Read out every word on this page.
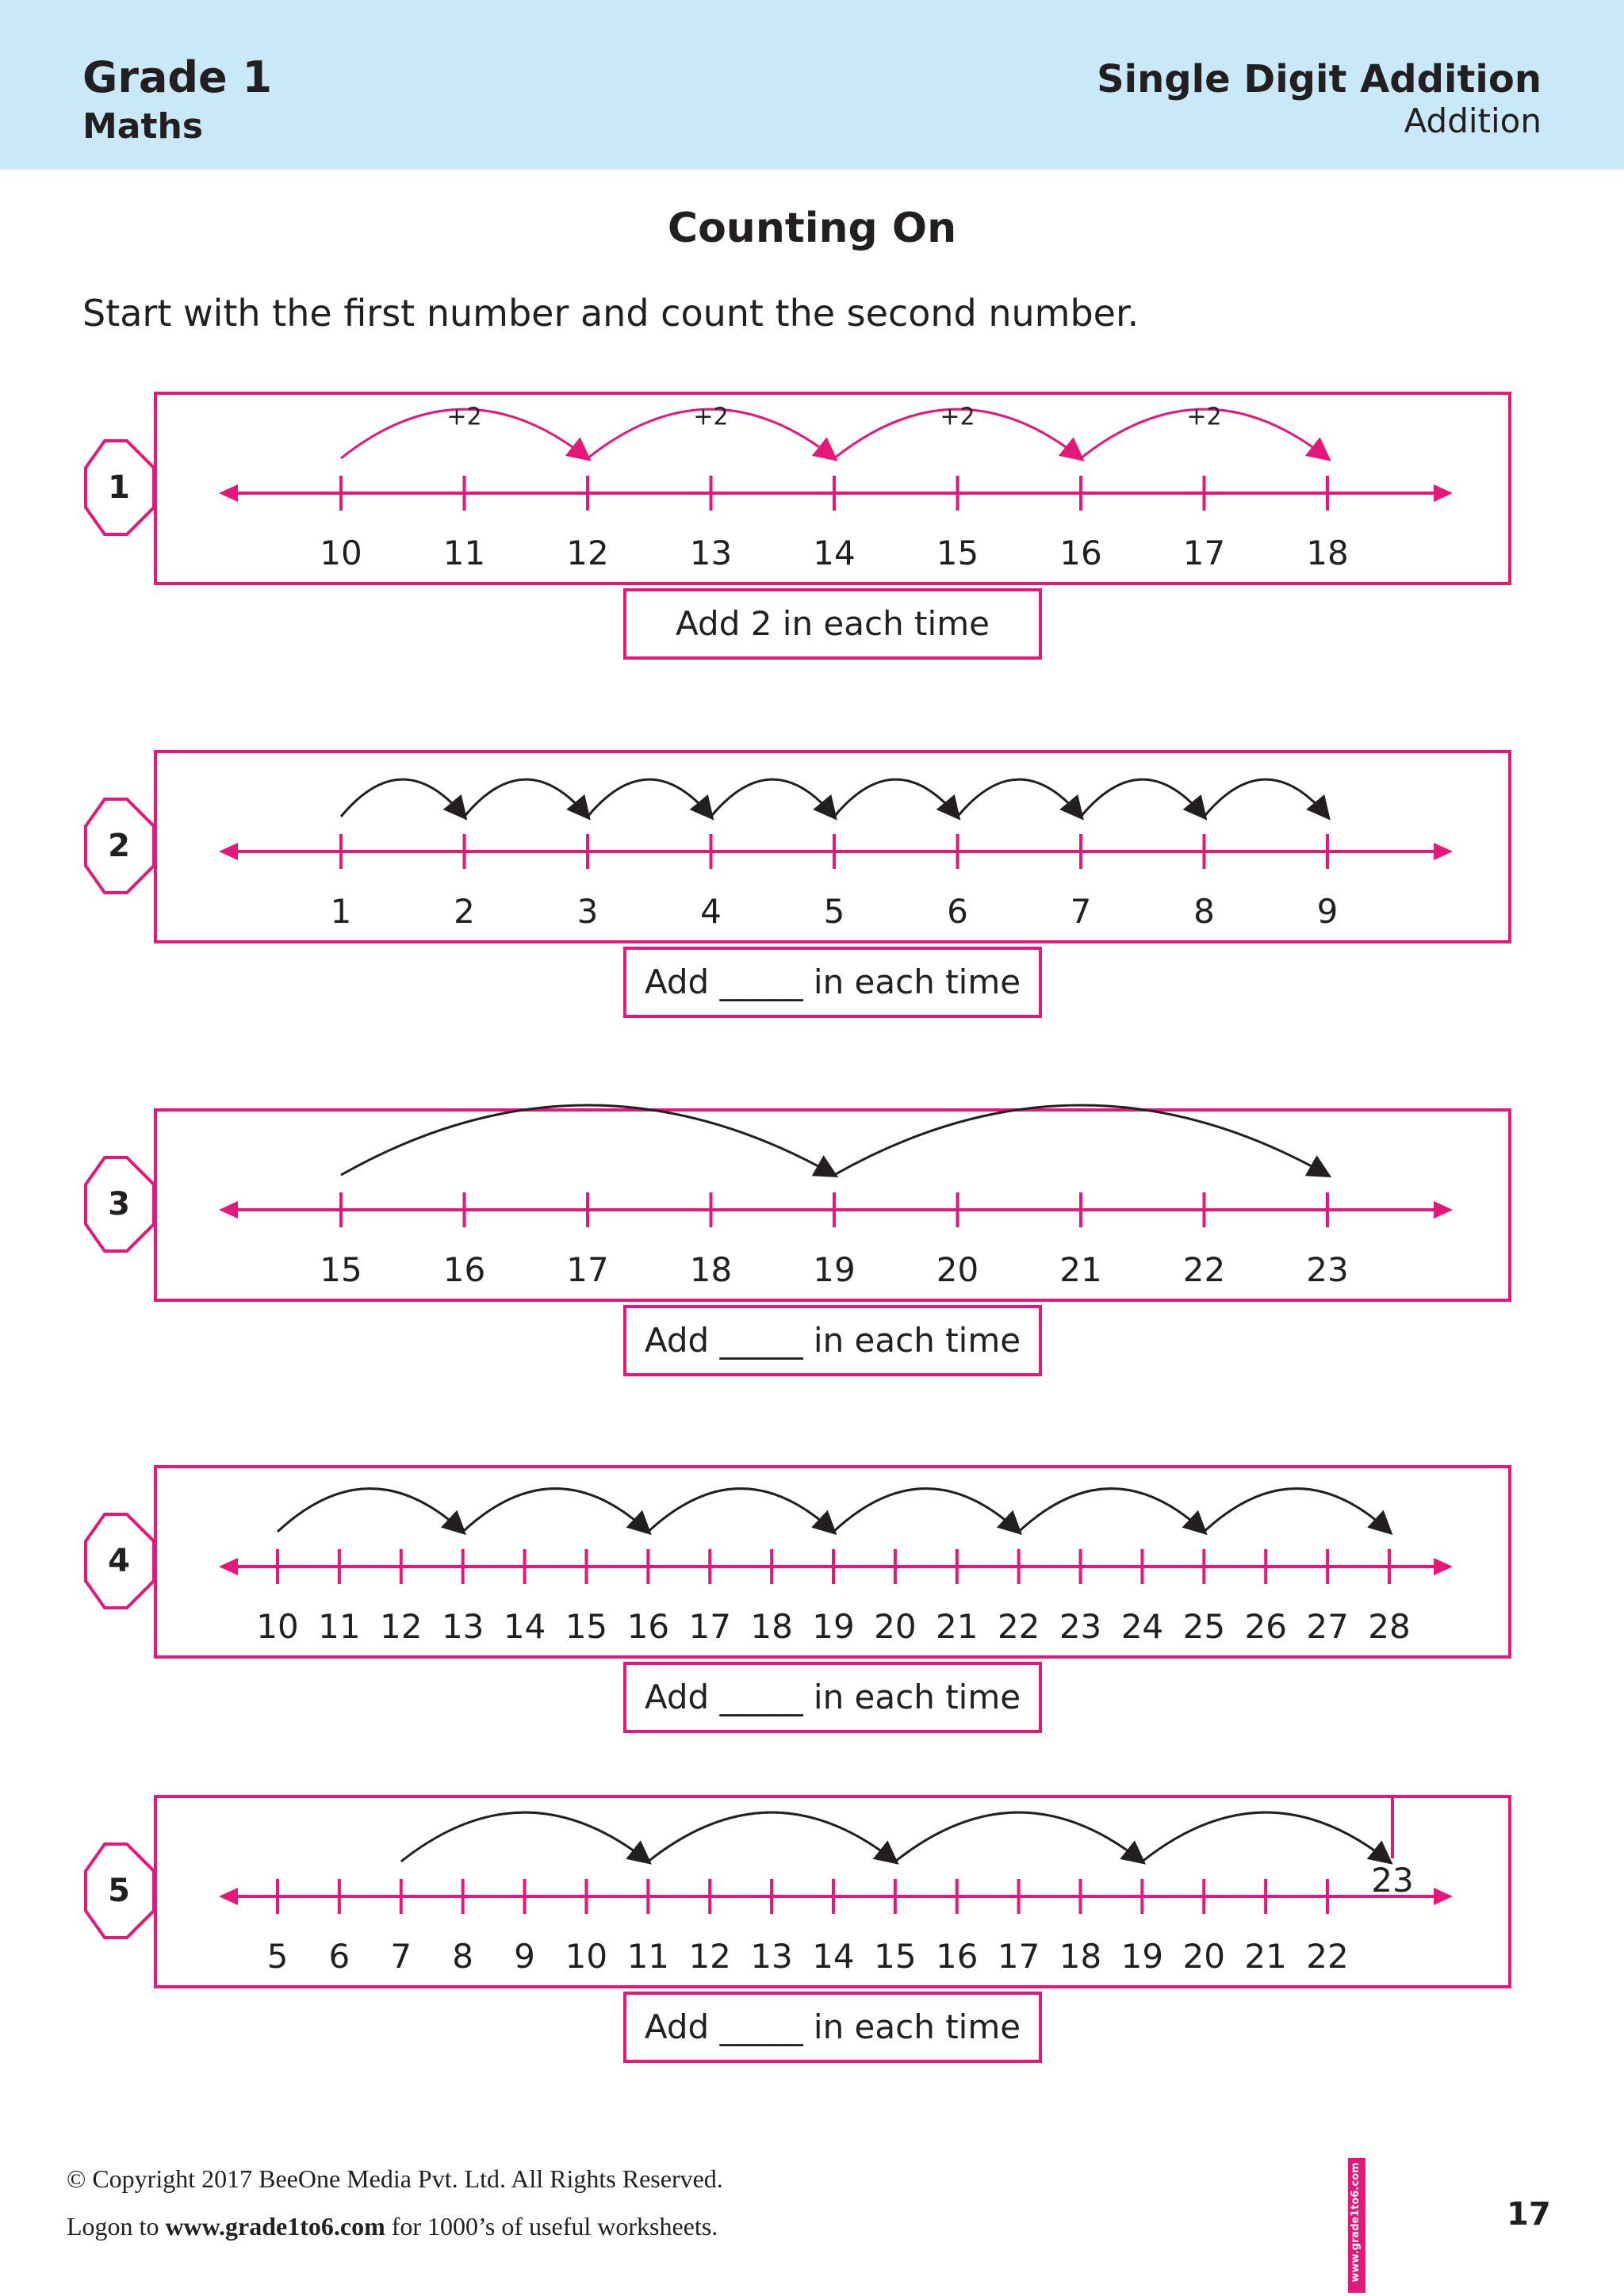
Grade 1
Maths
Single Digit Addition
Addition
Counting On
Start with the first number and count the second number.
1
10 11 12 13 14 15 16 17 18
+2	+2	+2	+2
Add 2 in each time
2
1	2	3	4	5	6	7	8	9
Add _____ in each time
3
15 16 17 18 19 20 21 22 23
Add _____ in each time
4
10 11 12 13 14 15 16 17 18 19 20 21 22 23 24 25 26 27 28
Add _____ in each time
5
5 6 7 8 9 10 11 12 13 14 15 16 17 18 19 20 21 22
23
Add _____ in each time
© Copyright 2017 BeeOne Media Pvt. Ltd. All Rights Reserved.
Logon to www.grade1to6.com for 1000’s of useful worksheets.	17
www.grade1to6.com
